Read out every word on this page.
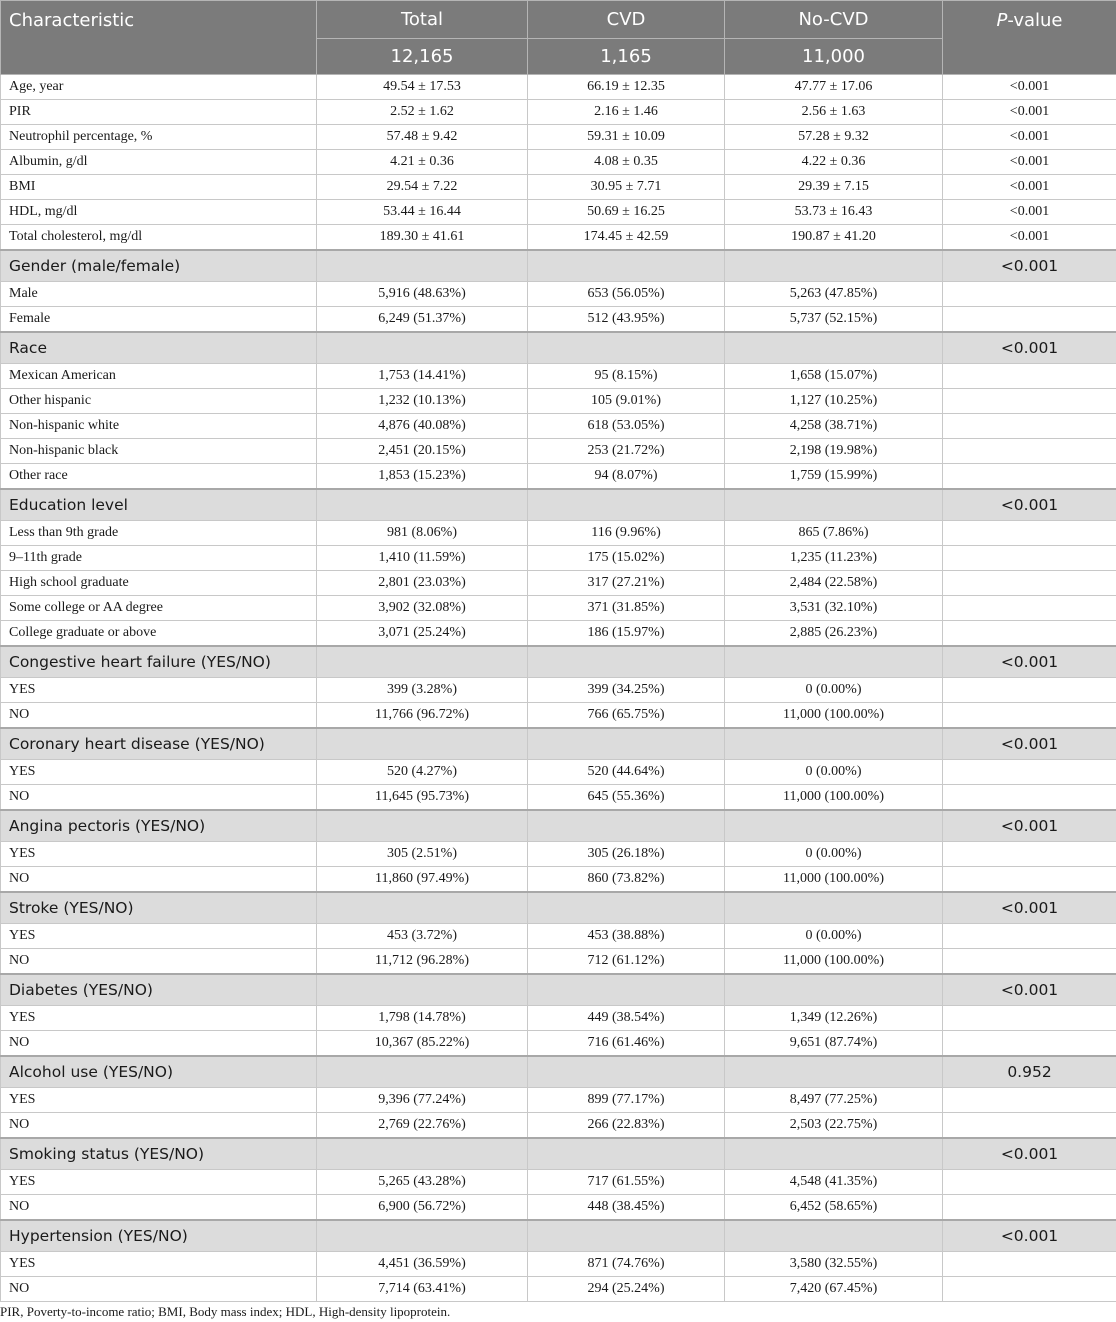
Characteristic	Total	CVD	No-CVD	P-value
	12,165	1,165	11,000	
Age, year	49.54 ± 17.53	66.19 ± 12.35	47.77 ± 17.06	<0.001
PIR	2.52 ± 1.62	2.16 ± 1.46	2.56 ± 1.63	<0.001
Neutrophil percentage, %	57.48 ± 9.42	59.31 ± 10.09	57.28 ± 9.32	<0.001
Albumin, g/dl	4.21 ± 0.36	4.08 ± 0.35	4.22 ± 0.36	<0.001
BMI	29.54 ± 7.22	30.95 ± 7.71	29.39 ± 7.15	<0.001
HDL, mg/dl	53.44 ± 16.44	50.69 ± 16.25	53.73 ± 16.43	<0.001
Total cholesterol, mg/dl	189.30 ± 41.61	174.45 ± 42.59	190.87 ± 41.20	<0.001
Gender (male/female)				<0.001
Male	5,916 (48.63%)	653 (56.05%)	5,263 (47.85%)	
Female	6,249 (51.37%)	512 (43.95%)	5,737 (52.15%)	
Race				<0.001
Mexican American	1,753 (14.41%)	95 (8.15%)	1,658 (15.07%)	
Other hispanic	1,232 (10.13%)	105 (9.01%)	1,127 (10.25%)	
Non-hispanic white	4,876 (40.08%)	618 (53.05%)	4,258 (38.71%)	
Non-hispanic black	2,451 (20.15%)	253 (21.72%)	2,198 (19.98%)	
Other race	1,853 (15.23%)	94 (8.07%)	1,759 (15.99%)	
Education level				<0.001
Less than 9th grade	981 (8.06%)	116 (9.96%)	865 (7.86%)	
9–11th grade	1,410 (11.59%)	175 (15.02%)	1,235 (11.23%)	
High school graduate	2,801 (23.03%)	317 (27.21%)	2,484 (22.58%)	
Some college or AA degree	3,902 (32.08%)	371 (31.85%)	3,531 (32.10%)	
College graduate or above	3,071 (25.24%)	186 (15.97%)	2,885 (26.23%)	
Congestive heart failure (YES/NO)				<0.001
YES	399 (3.28%)	399 (34.25%)	0 (0.00%)	
NO	11,766 (96.72%)	766 (65.75%)	11,000 (100.00%)	
Coronary heart disease (YES/NO)				<0.001
YES	520 (4.27%)	520 (44.64%)	0 (0.00%)	
NO	11,645 (95.73%)	645 (55.36%)	11,000 (100.00%)	
Angina pectoris (YES/NO)				<0.001
YES	305 (2.51%)	305 (26.18%)	0 (0.00%)	
NO	11,860 (97.49%)	860 (73.82%)	11,000 (100.00%)	
Stroke (YES/NO)				<0.001
YES	453 (3.72%)	453 (38.88%)	0 (0.00%)	
NO	11,712 (96.28%)	712 (61.12%)	11,000 (100.00%)	
Diabetes (YES/NO)				<0.001
YES	1,798 (14.78%)	449 (38.54%)	1,349 (12.26%)	
NO	10,367 (85.22%)	716 (61.46%)	9,651 (87.74%)	
Alcohol use (YES/NO)				0.952
YES	9,396 (77.24%)	899 (77.17%)	8,497 (77.25%)	
NO	2,769 (22.76%)	266 (22.83%)	2,503 (22.75%)	
Smoking status (YES/NO)				<0.001
YES	5,265 (43.28%)	717 (61.55%)	4,548 (41.35%)	
NO	6,900 (56.72%)	448 (38.45%)	6,452 (58.65%)	
Hypertension (YES/NO)				<0.001
YES	4,451 (36.59%)	871 (74.76%)	3,580 (32.55%)	
NO	7,714 (63.41%)	294 (25.24%)	7,420 (67.45%)	
PIR, Poverty-to-income ratio; BMI, Body mass index; HDL, High-density lipoprotein.
